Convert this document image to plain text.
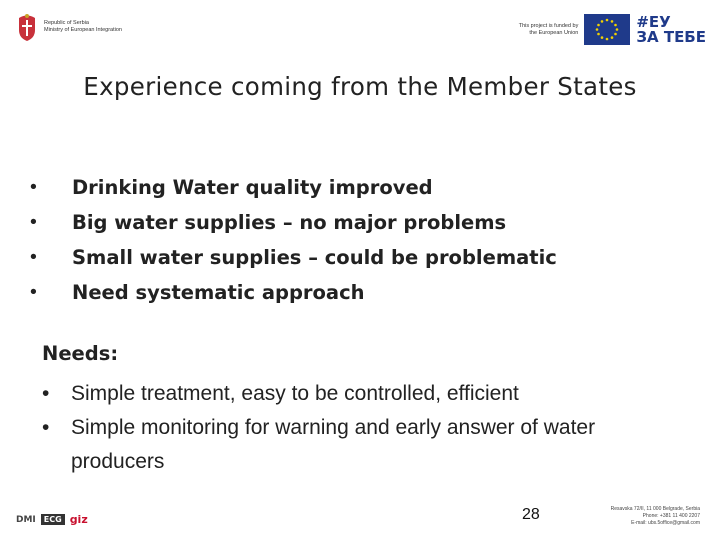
Republic of Serbia
Ministry of European Integration
This project is funded by
the European Union
#ЕУ
ЗА ТЕБЕ
Experience coming from the Member States
•	Drinking Water quality improved
•	Big water supplies – no major problems
•	Small water supplies – could be problematic
•	Need systematic approach
Needs:
•	Simple treatment, easy to be controlled, efficient
•	Simple monitoring for warning and early answer of water producers
DMI	ECG giz	28	Resavska 72/II, 11 000 Belgrade, Serbia
Phone: +381 11 400 2207
E-mail: ubs.5office@gmail.com
